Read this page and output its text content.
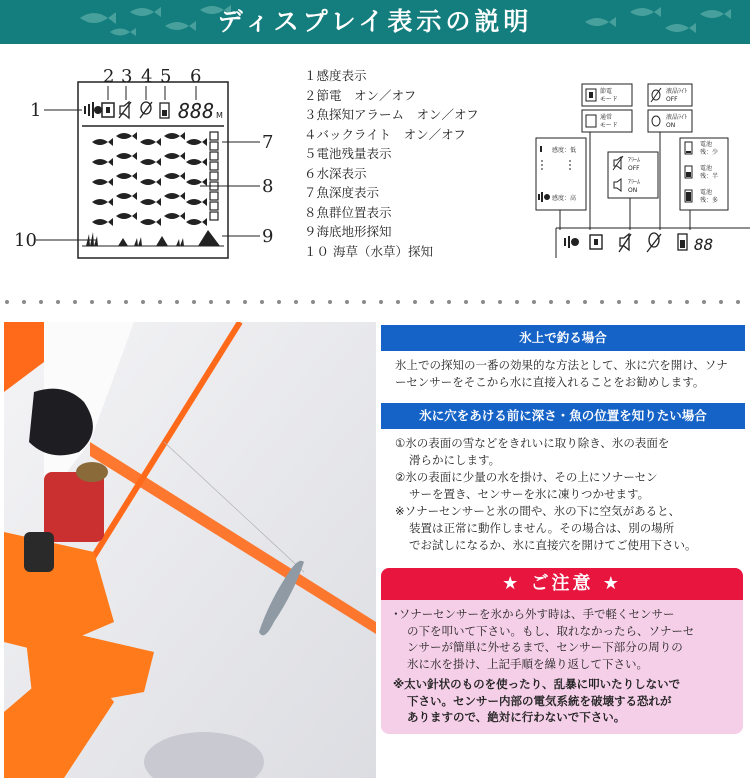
ディスプレイ表示の説明
1
2 3 4 5 6
7
8
9
10
888 M
１感度表示
２節電　オン／オフ
３魚探知アラーム　オン／オフ
４バックライト　オン／オフ
５電池残量表示
６水深表示
７魚深度表示
８魚群位置表示
９海底地形探知
１０ 海草（水草）探知
節電
モード
通常
モード
液晶ﾗｲﾄ
OFF
液晶ﾗｲﾄ
ON
感度：低
感度：高
ｱﾗｰﾑ
OFF
ｱﾗｰﾑ
ON
電池
残：少
電池
残：半
電池
残：多
88
氷上で釣る場合

氷上での探知の一番の効果的な方法として、氷に穴を開け、ソナーセンサーをそこから水に直接入れることをお勧めします。

氷に穴をあける前に深さ・魚の位置を知りたい場合

①氷の表面の雪などをきれいに取り除き、氷の表面を

滑らかにします。

②氷の表面に少量の水を掛け、その上にソナーセン

サーを置き、センサーを氷に凍りつかせます。

※ソナーセンサーと氷の間や、氷の下に空気があると、

装置は正常に動作しません。その場合は、別の場所

でお試しになるか、氷に直接穴を開けてご使用下さい。

★ ご注意 ★

･ソナーセンサーを氷から外す時は、手で軽くセンサー

の下を叩いて下さい。もし、取れなかったら、ソナーセ

ンサーが簡単に外せるまで、センサー下部分の周りの

氷に水を掛け、上記手順を繰り返して下さい。

※太い針状のものを使ったり、乱暴に叩いたりしないで

下さい。センサー内部の電気系統を破壊する恐れが

ありますので、絶対に行わないで下さい。
